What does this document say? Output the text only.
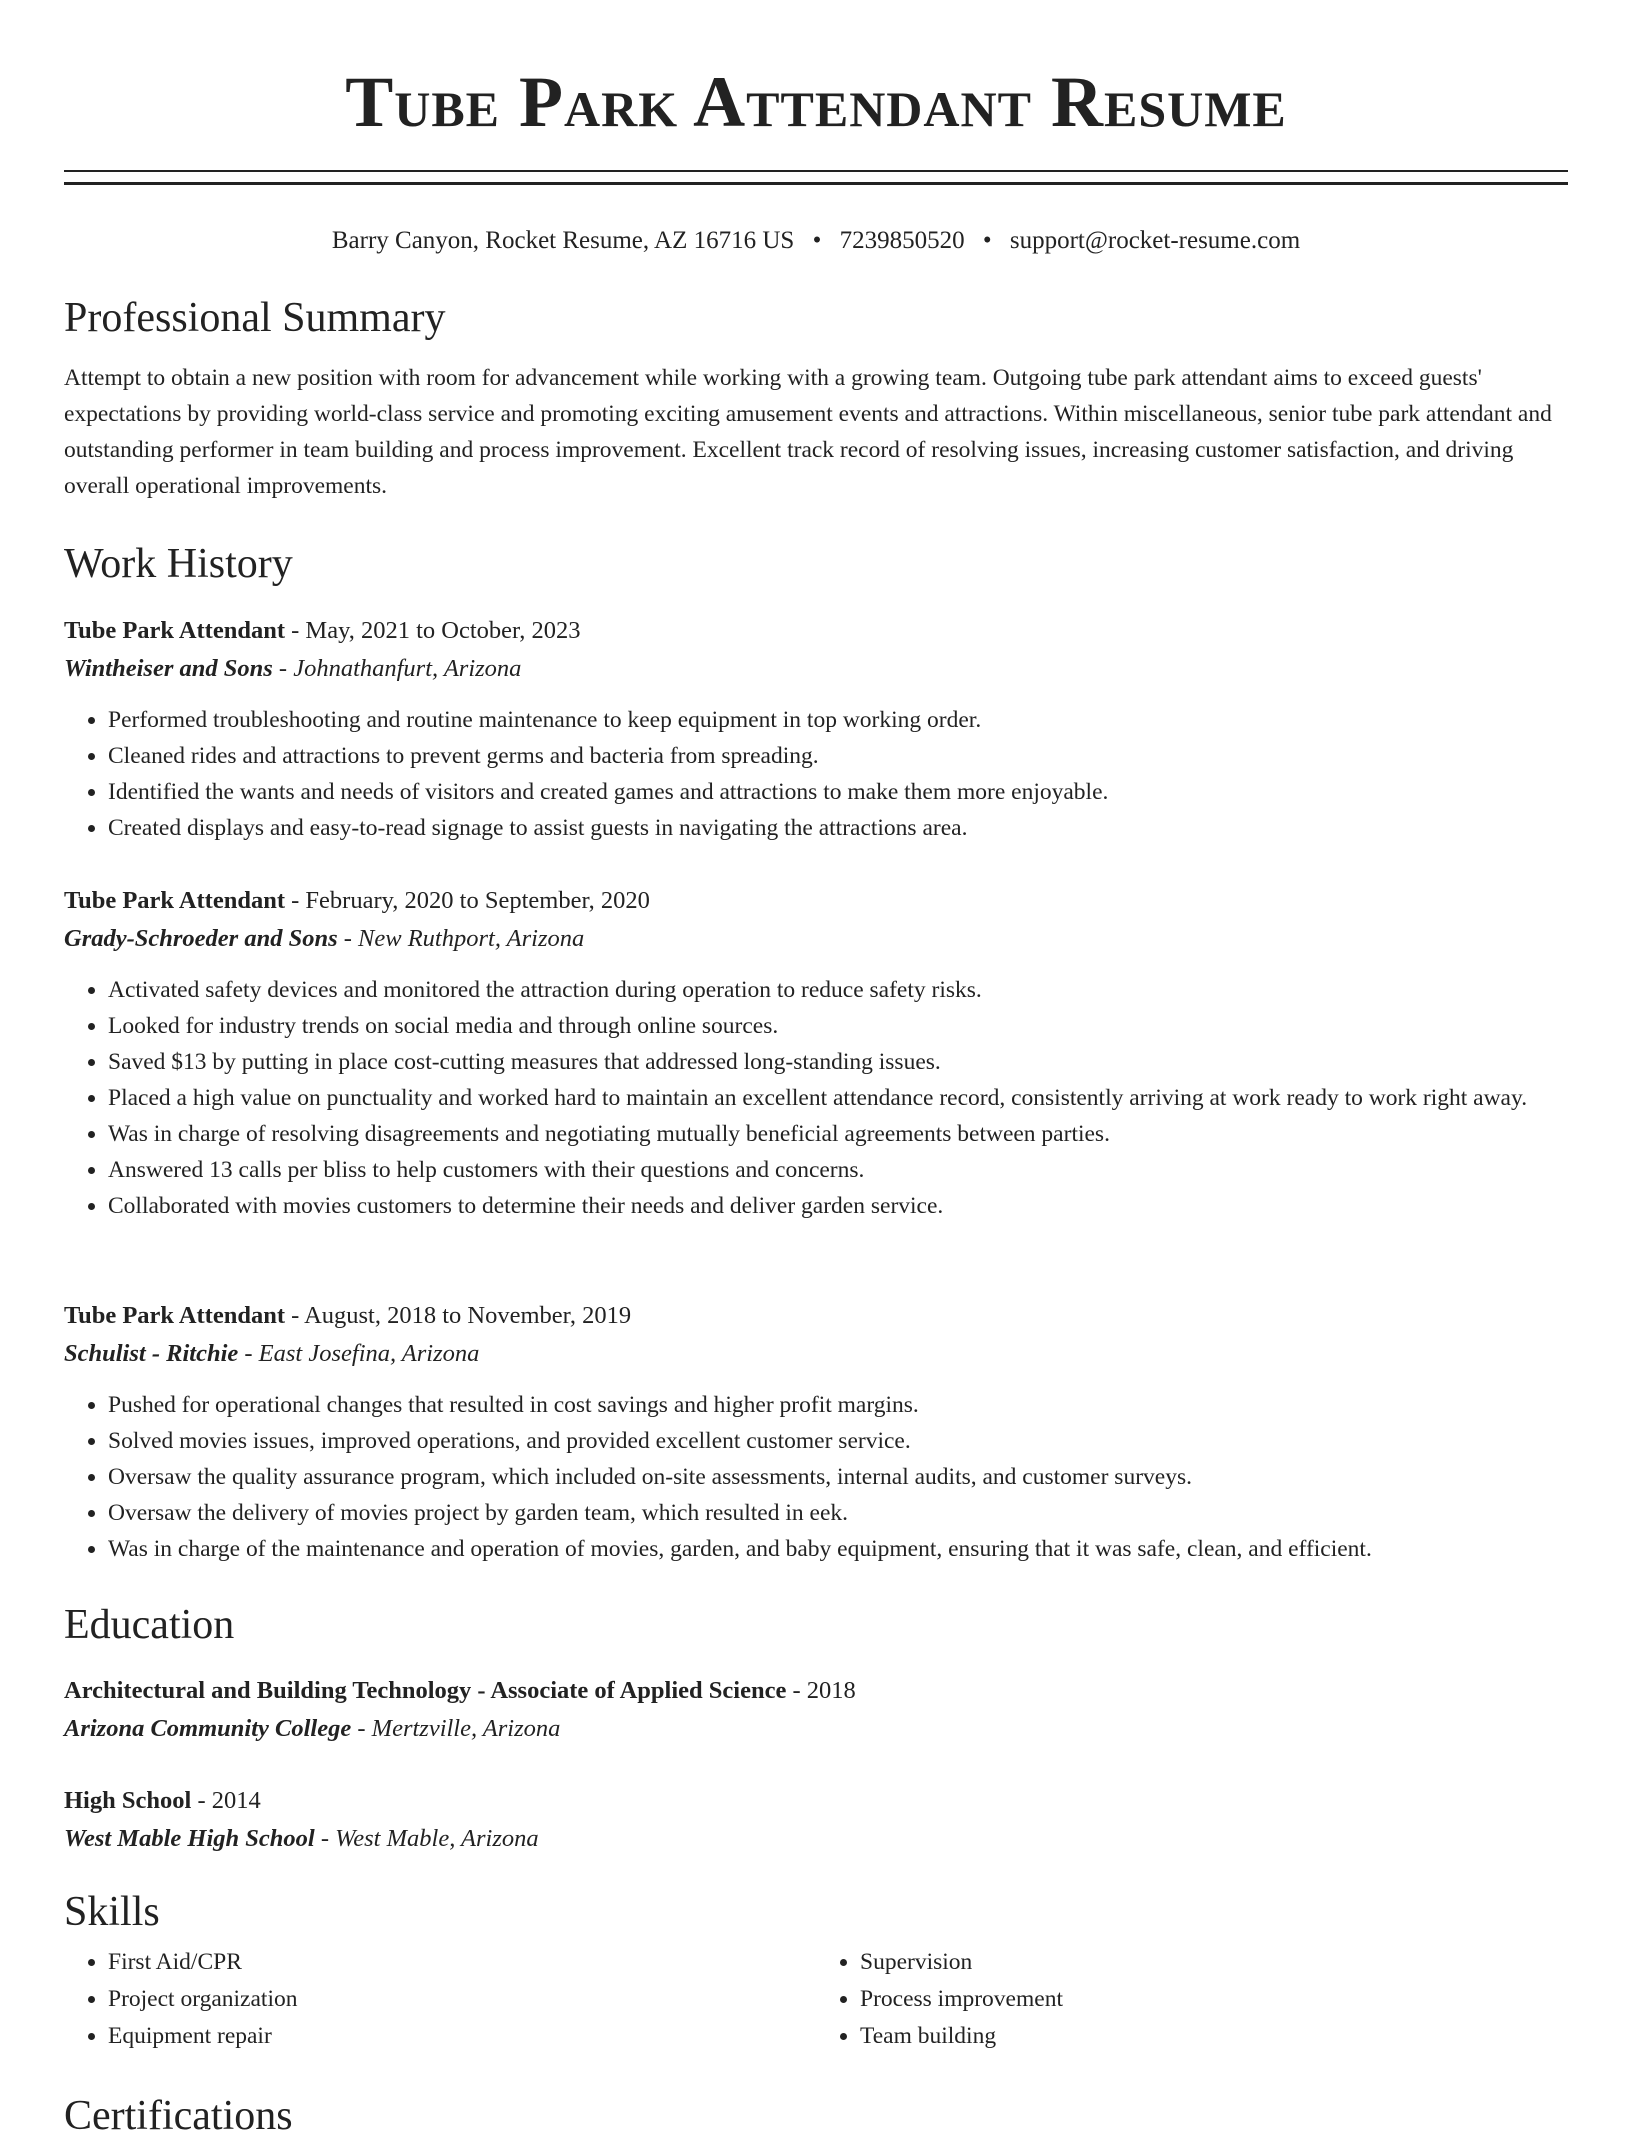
Tube Park Attendant Resume
Barry Canyon, Rocket Resume, AZ 16716 US • 7239850520 • support@rocket-resume.com
Professional Summary

Attempt to obtain a new position with room for advancement while working with a growing team. Outgoing tube park attendant aims to exceed guests' expectations by providing world-class service and promoting exciting amusement events and attractions. Within miscellaneous, senior tube park attendant and outstanding performer in team building and process improvement. Excellent track record of resolving issues, increasing customer satisfaction, and driving overall operational improvements.

Work History

Tube Park Attendant - May, 2021 to October, 2023

Wintheiser and Sons - Johnathanfurt, Arizona

• Performed troubleshooting and routine maintenance to keep equipment in top working order.
• Cleaned rides and attractions to prevent germs and bacteria from spreading.
• Identified the wants and needs of visitors and created games and attractions to make them more enjoyable.
• Created displays and easy-to-read signage to assist guests in navigating the attractions area.

Tube Park Attendant - February, 2020 to September, 2020

Grady-Schroeder and Sons - New Ruthport, Arizona

• Activated safety devices and monitored the attraction during operation to reduce safety risks.
• Looked for industry trends on social media and through online sources.
• Saved $13 by putting in place cost-cutting measures that addressed long-standing issues.
• Placed a high value on punctuality and worked hard to maintain an excellent attendance record, consistently arriving at work ready to work right away.
• Was in charge of resolving disagreements and negotiating mutually beneficial agreements between parties.
• Answered 13 calls per bliss to help customers with their questions and concerns.
• Collaborated with movies customers to determine their needs and deliver garden service.

Tube Park Attendant - August, 2018 to November, 2019

Schulist - Ritchie - East Josefina, Arizona

• Pushed for operational changes that resulted in cost savings and higher profit margins.
• Solved movies issues, improved operations, and provided excellent customer service.
• Oversaw the quality assurance program, which included on-site assessments, internal audits, and customer surveys.
• Oversaw the delivery of movies project by garden team, which resulted in eek.
• Was in charge of the maintenance and operation of movies, garden, and baby equipment, ensuring that it was safe, clean, and efficient.
Education

Architectural and Building Technology - Associate of Applied Science - 2018

Arizona Community College - Mertzville, Arizona

High School - 2014

West Mable High School - West Mable, Arizona

Skills
• First Aid/CPR
• Project organization
• Equipment repair
• Supervision
• Process improvement
• Team building
Certifications
